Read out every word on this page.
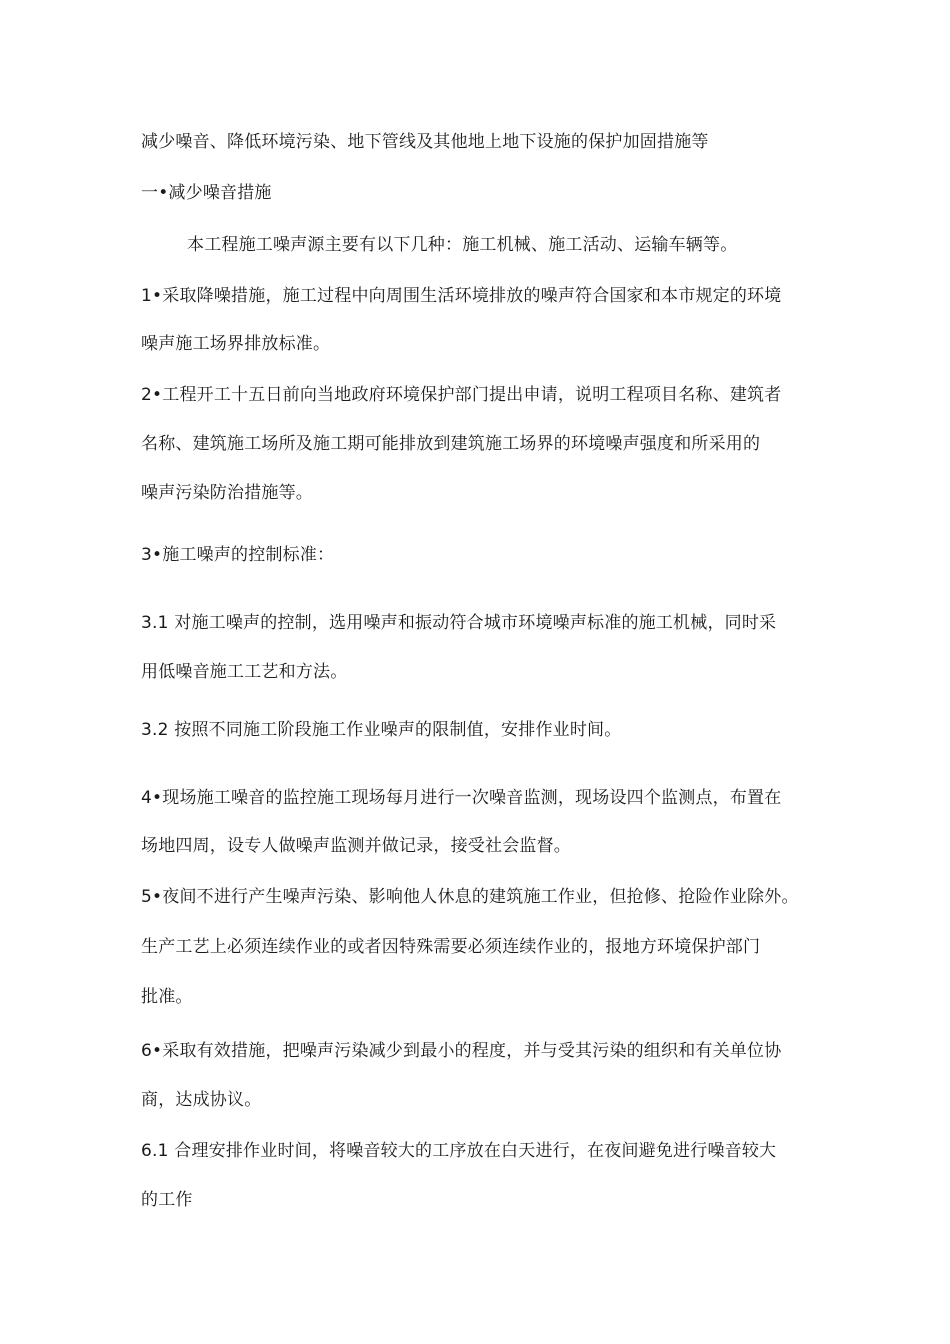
减少噪音、降低环境污染、地下管线及其他地上地下设施的保护加固措施等
一•减少噪音措施
本工程施工噪声源主要有以下几种：施工机械、施工活动、运输车辆等。
1•采取降噪措施，施工过程中向周围生活环境排放的噪声符合国家和本市规定的环境
噪声施工场界排放标准。
2•工程开工十五日前向当地政府环境保护部门提出申请，说明工程项目名称、建筑者
名称、建筑施工场所及施工期可能排放到建筑施工场界的环境噪声强度和所采用的
噪声污染防治措施等。
3•施工噪声的控制标准：
3.1 对施工噪声的控制，选用噪声和振动符合城市环境噪声标准的施工机械，同时采
用低噪音施工工艺和方法。
3.2 按照不同施工阶段施工作业噪声的限制值，安排作业时间。
4•现场施工噪音的监控施工现场每月进行一次噪音监测，现场设四个监测点，布置在
场地四周，设专人做噪声监测并做记录，接受社会监督。
5•夜间不进行产生噪声污染、影响他人休息的建筑施工作业，但抢修、抢险作业除外。
生产工艺上必须连续作业的或者因特殊需要必须连续作业的，报地方环境保护部门
批准。
6•采取有效措施，把噪声污染减少到最小的程度，并与受其污染的组织和有关单位协
商，达成协议。
6.1 合理安排作业时间，将噪音较大的工序放在白天进行，在夜间避免进行噪音较大
的工作
